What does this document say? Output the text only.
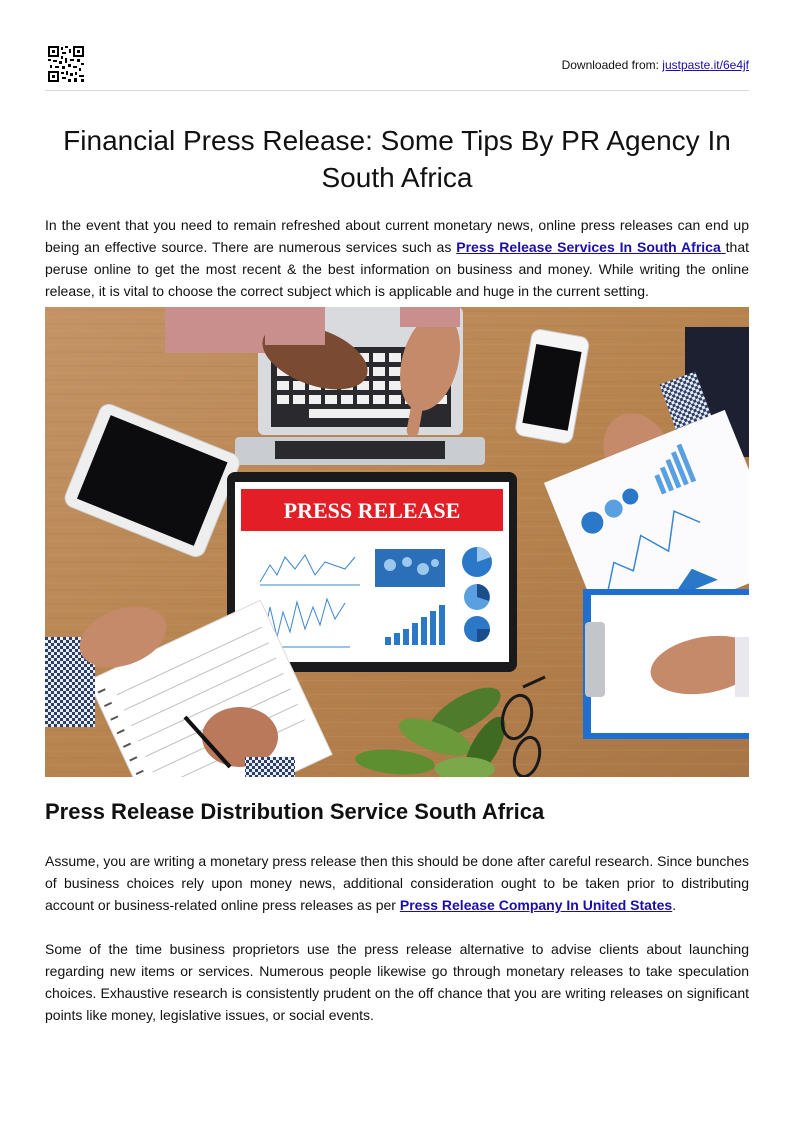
Downloaded from: justpaste.it/6e4jf
Financial Press Release: Some Tips By PR Agency In South Africa

In the event that you need to remain refreshed about current monetary news, online press releases can end up being an effective source. There are numerous services such as Press Release Services In South Africa that peruse online to get the most recent & the best information on business and money. While writing the online release, it is vital to choose the correct subject which is applicable and huge in the current setting.

PRESS RELEASE
Press Release Distribution Service South Africa

Assume, you are writing a monetary press release then this should be done after careful research. Since bunches of business choices rely upon money news, additional consideration ought to be taken prior to distributing account or business-related online press releases as per Press Release Company In United States.

Some of the time business proprietors use the press release alternative to advise clients about launching regarding new items or services. Numerous people likewise go through monetary releases to take speculation choices. Exhaustive research is consistently prudent on the off chance that you are writing releases on significant points like money, legislative issues, or social events.
